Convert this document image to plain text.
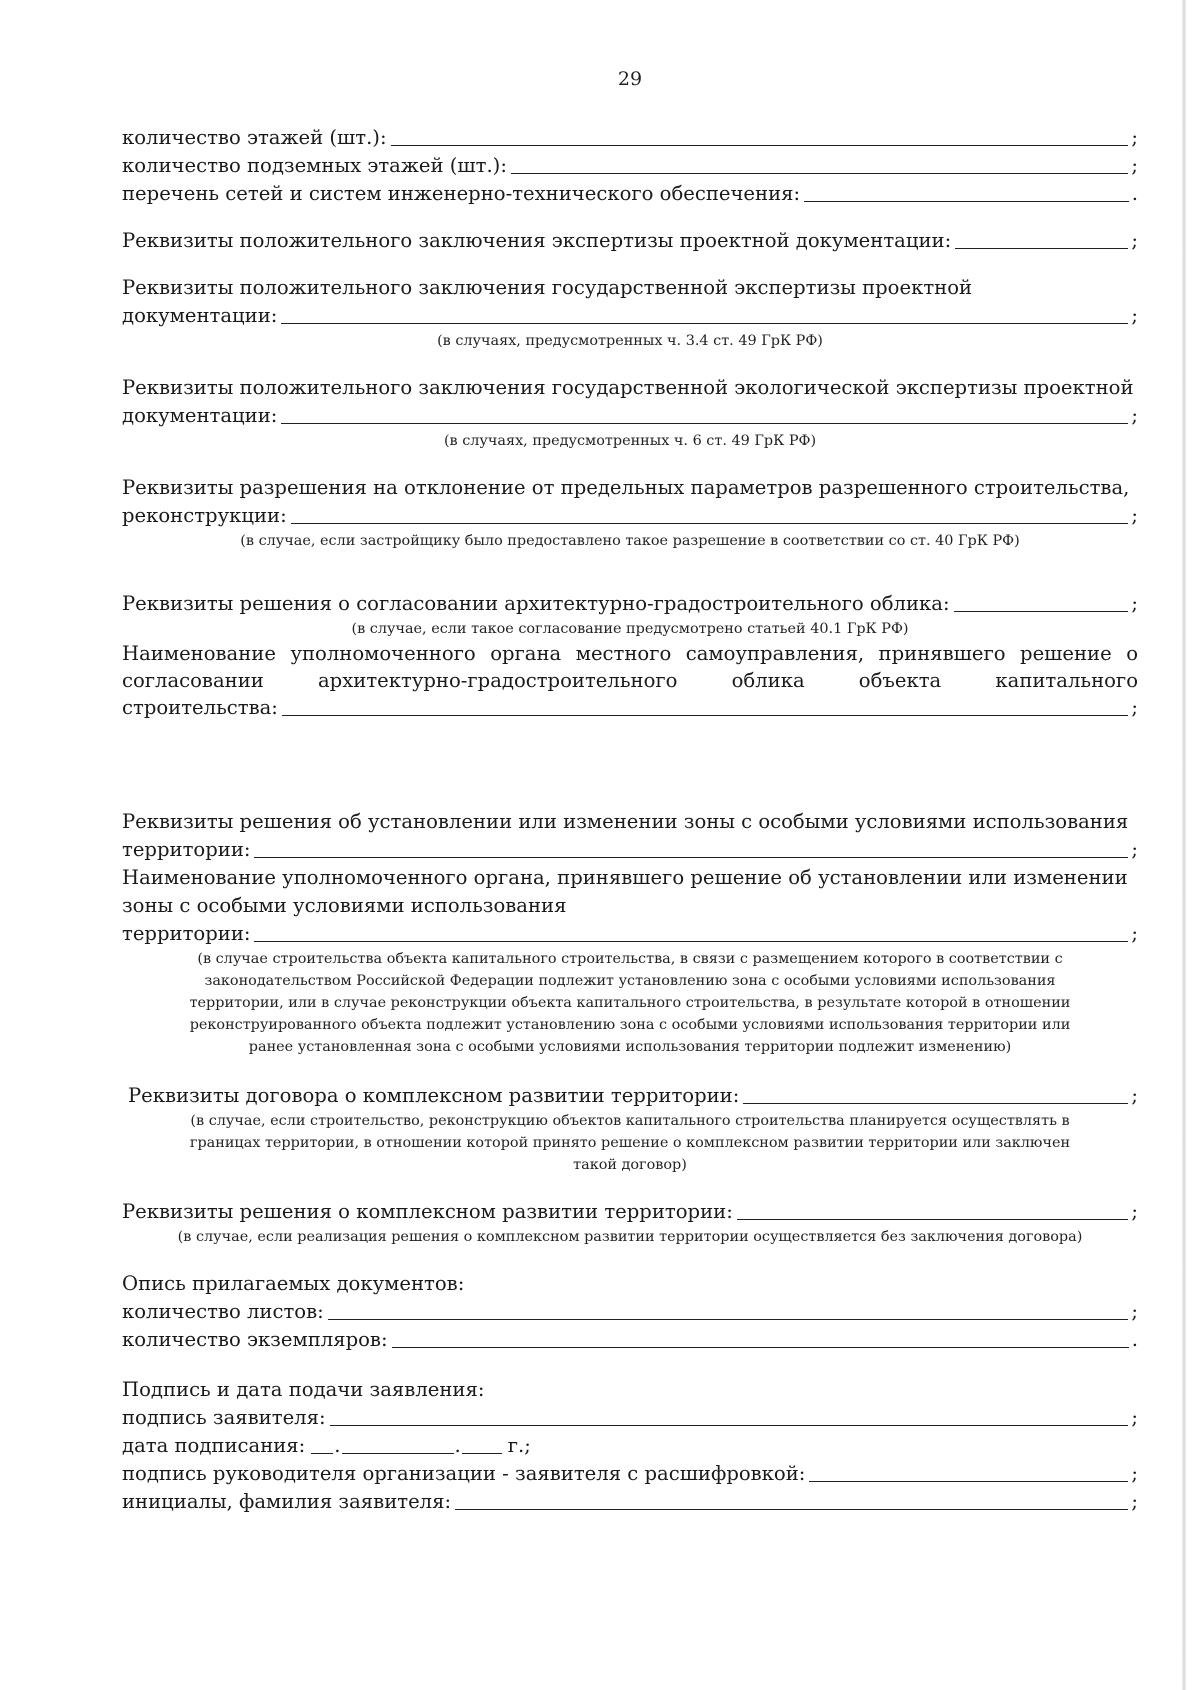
29
количество этажей (шт.):	;
количество подземных этажей (шт.):	;
перечень сетей и систем инженерно-технического обеспечения:	.
Реквизиты положительного заключения экспертизы проектной документации:	;
Реквизиты положительного заключения государственной экспертизы проектной
документации:	;
(в случаях, предусмотренных ч. 3.4 ст. 49 ГрК РФ)
Реквизиты положительного заключения государственной экологической экспертизы проектной
документации:	;
(в случаях, предусмотренных ч. 6 ст. 49 ГрК РФ)
Реквизиты разрешения на отклонение от предельных параметров разрешенного строительства,
реконструкции:	;
(в случае, если застройщику было предоставлено такое разрешение в соответствии со ст. 40 ГрК РФ)
Реквизиты решения о согласовании архитектурно-градостроительного облика:	;
(в случае, если такое согласование предусмотрено статьей 40.1 ГрК РФ)
Наименование уполномоченного органа местного самоуправления, принявшего решение о
согласовании архитектурно-градостроительного облика объекта капитального
строительства:	;
Реквизиты решения об установлении или изменении зоны с особыми условиями использования
территории:	;
Наименование уполномоченного органа, принявшего решение об установлении или изменении
зоны с особыми условиями использования
территории:	;
(в случае строительства объекта капитального строительства, в связи с размещением которого в соответствии с
законодательством Российской Федерации подлежит установлению зона с особыми условиями использования
территории, или в случае реконструкции объекта капитального строительства, в результате которой в отношении
реконструированного объекта подлежит установлению зона с особыми условиями использования территории или
ранее установленная зона с особыми условиями использования территории подлежит изменению)
Реквизиты договора о комплексном развитии территории:	;
(в случае, если строительство, реконструкцию объектов капитального строительства планируется осуществлять в
границах территории, в отношении которой принято решение о комплексном развитии территории или заключен
такой договор)
Реквизиты решения о комплексном развитии территории:	;
(в случае, если реализация решения о комплексном развитии территории осуществляется без заключения договора)
Опись прилагаемых документов:
количество листов:	;
количество экземпляров:	.
Подпись и дата подачи заявления:
подпись заявителя:	;
дата подписания: .	.	г.;
подпись руководителя организации - заявителя с расшифровкой:	;
инициалы, фамилия заявителя:	;
